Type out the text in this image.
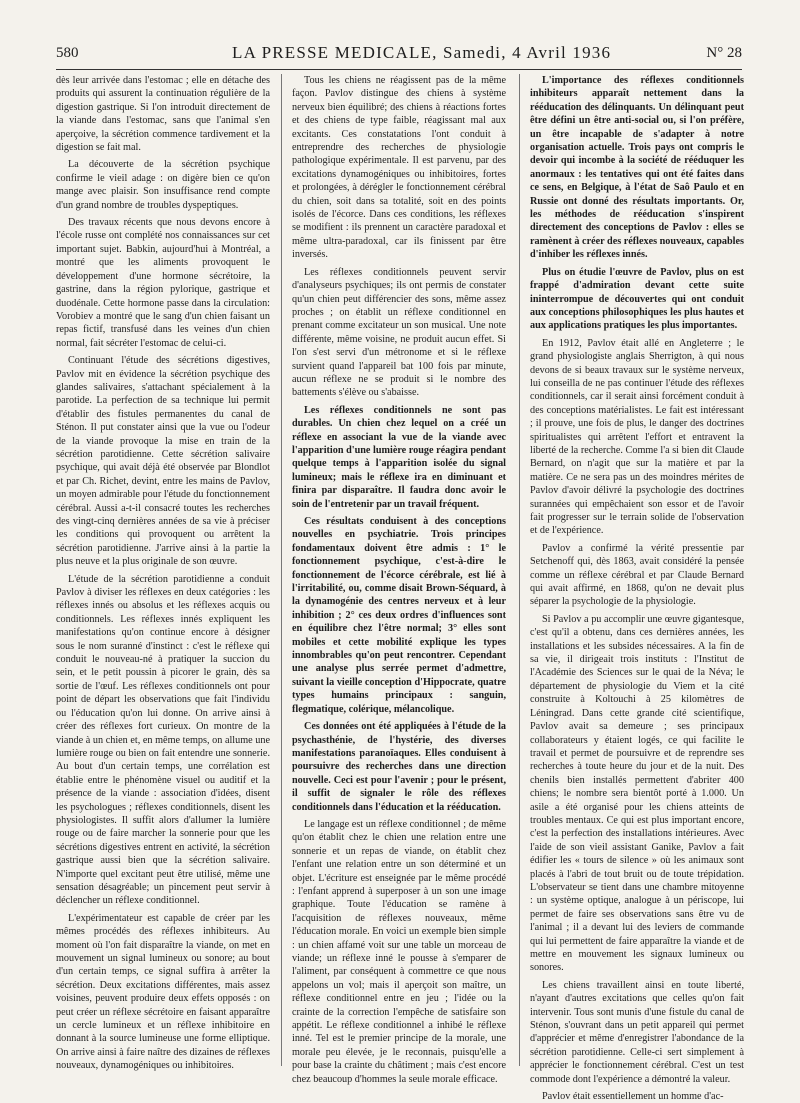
580	LA PRESSE MEDICALE, Samedi, 4 Avril 1936	N° 28

dès leur arrivée dans l'estomac ; elle en détache des produits qui assurent la continuation régulière de la digestion gastrique. Si l'on introduit directement de la viande dans l'estomac, sans que l'animal s'en aperçoive, la sécrétion commence tardivement et la digestion se fait mal.

La découverte de la sécrétion psychique confirme le vieil adage : on digère bien ce qu'on mange avec plaisir. Son insuffisance rend compte d'un grand nombre de troubles dyspeptiques.

Des travaux récents que nous devons encore à l'école russe ont complété nos connaissances sur cet important sujet. Babkin, aujourd'hui à Montréal, a montré que les aliments provoquent le développement d'une hormone sécrétoire, la gastrine, dans la région pylorique, gastrique et duodénale. Cette hormone passe dans la circulation: Vorobiev a montré que le sang d'un chien faisant un repas fictif, transfusé dans les veines d'un chien normal, fait sécréter l'estomac de celui-ci.

Continuant l'étude des sécrétions digestives, Pavlov mit en évidence la sécrétion psychique des glandes salivaires, s'attachant spécialement à la parotide. La perfection de sa technique lui permit d'établir des fistules permanentes du canal de Sténon. Il put constater ainsi que la vue ou l'odeur de la viande provoque la mise en train de la sécrétion parotidienne. Cette sécrétion salivaire psychique, qui avait déjà été observée par Blondlot et par Ch. Richet, devint, entre les mains de Pavlov, un moyen admirable pour l'étude du fonctionnement cérébral. Aussi a-t-il consacré toutes les recherches des vingt-cinq dernières années de sa vie à préciser les conditions qui provoquent ou arrêtent la sécrétion parotidienne. J'arrive ainsi à la partie la plus neuve et la plus originale de son œuvre.

L'étude de la sécrétion parotidienne a conduit Pavlov à diviser les réflexes en deux catégories : les réflexes innés ou absolus et les réflexes acquis ou conditionnels. Les réflexes innés expliquent les manifestations qu'on continue encore à désigner sous le nom suranné d'instinct : c'est le réflexe qui conduit le nouveau-né à pratiquer la succion du sein, et le petit poussin à picorer le grain, dès sa sortie de l'œuf. Les réflexes conditionnels ont pour point de départ les observations que fait l'individu ou l'éducation qu'on lui donne. On arrive ainsi à créer des réflexes fort curieux. On montre de la viande à un chien et, en même temps, on allume une lumière rouge ou bien on fait entendre une sonnerie. Au bout d'un certain temps, une corrélation est établie entre le phénomène visuel ou auditif et la présence de la viande : association d'idées, disent les psychologues ; réflexes conditionnels, disent les physiologistes. Il suffit alors d'allumer la lumière rouge ou de faire marcher la sonnerie pour que les sécrétions digestives entrent en activité, la sécrétion gastrique aussi bien que la sécrétion salivaire. N'importe quel excitant peut être utilisé, même une sensation désagréable; un pincement peut servir à déclencher un réflexe conditionnel.

L'expérimentateur est capable de créer par les mêmes procédés des réflexes inhibiteurs. Au moment où l'on fait disparaître la viande, on met en mouvement un signal lumineux ou sonore; au bout d'un certain temps, ce signal suffira à arrêter la sécrétion. Deux excitations différentes, mais assez voisines, peuvent produire deux effets opposés : on peut créer un réflexe sécrétoire en faisant apparaître un cercle lumineux et un réflexe inhibitoire en donnant à la source lumineuse une forme elliptique. On arrive ainsi à faire naître des dizaines de réflexes nouveaux, dynamogéniques ou inhibitoires.

Tous les chiens ne réagissent pas de la même façon. Pavlov distingue des chiens à système nerveux bien équilibré; des chiens à réactions fortes et des chiens de type faible, réagissant mal aux excitants. Ces constatations l'ont conduit à entreprendre des recherches de physiologie pathologique expérimentale. Il est parvenu, par des excitations dynamogéniques ou inhibitoires, fortes et prolongées, à dérégler le fonctionnement cérébral du chien, soit dans sa totalité, soit en des points isolés de l'écorce. Dans ces conditions, les réflexes se modifient : ils prennent un caractère paradoxal et même ultra-paradoxal, car ils finissent par être inversés.

Les réflexes conditionnels peuvent servir d'analyseurs psychiques; ils ont permis de constater qu'un chien peut différencier des sons, même assez proches ; on établit un réflexe conditionnel en prenant comme excitateur un son musical. Une note différente, même voisine, ne produit aucun effet. Si l'on s'est servi d'un métronome et si le réflexe survient quand l'appareil bat 100 fois par minute, aucun réflexe ne se produit si le nombre des battements s'élève ou s'abaisse.

Les réflexes conditionnels ne sont pas durables. Un chien chez lequel on a créé un réflexe en associant la vue de la viande avec l'apparition d'une lumière rouge réagira pendant quelque temps à l'apparition isolée du signal lumineux; mais le réflexe ira en diminuant et finira par disparaître. Il faudra donc avoir le soin de l'entretenir par un travail fréquent.

Ces résultats conduisent à des conceptions nouvelles en psychiatrie. Trois principes fondamentaux doivent être admis : 1° le fonctionnement psychique, c'est-à-dire le fonctionnement de l'écorce cérébrale, est lié à l'irritabilité, ou, comme disait Brown-Séquard, à la dynamogénie des centres nerveux et à leur inhibition ; 2° ces deux ordres d'influences sont en équilibre chez l'être normal; 3° elles sont mobiles et cette mobilité explique les types innombrables qu'on peut rencontrer. Cependant une analyse plus serrée permet d'admettre, suivant la vieille conception d'Hippocrate, quatre types humains principaux : sanguin, flegmatique, colérique, mélancolique.

Ces données ont été appliquées à l'étude de la psychasthénie, de l'hystérie, des diverses manifestations paranoïaques. Elles conduisent à poursuivre des recherches dans une direction nouvelle. Ceci est pour l'avenir ; pour le présent, il suffit de signaler le rôle des réflexes conditionnels dans l'éducation et la rééducation.

Le langage est un réflexe conditionnel ; de même qu'on établit chez le chien une relation entre une sonnerie et un repas de viande, on établit chez l'enfant une relation entre un son déterminé et un objet. L'écriture est enseignée par le même procédé : l'enfant apprend à superposer à un son une image graphique. Toute l'éducation se ramène à l'acquisition de réflexes nouveaux, même l'éducation morale. En voici un exemple bien simple : un chien affamé voit sur une table un morceau de viande; un réflexe inné le pousse à s'emparer de l'aliment, par conséquent à commettre ce que nous appelons un vol; mais il aperçoit son maître, un réflexe conditionnel entre en jeu ; l'idée ou la crainte de la correction l'empêche de satisfaire son appétit. Le réflexe conditionnel a inhibé le réflexe inné. Tel est le premier principe de la morale, une morale peu élevée, je le reconnais, puisqu'elle a pour base la crainte du châtiment ; mais c'est encore chez beaucoup d'hommes la seule morale efficace.

L'importance des réflexes conditionnels inhibiteurs apparaît nettement dans la rééducation des délinquants. Un délinquant peut être défini un être anti-social ou, si l'on préfère, un être incapable de s'adapter à notre organisation actuelle. Trois pays ont compris le devoir qui incombe à la société de rééduquer les anormaux : les tentatives qui ont été faites dans ce sens, en Belgique, à l'état de Saô Paulo et en Russie ont donné des résultats importants. Or, les méthodes de rééducation s'inspirent directement des conceptions de Pavlov : elles se ramènent à créer des réflexes nouveaux, capables d'inhiber les réflexes innés.

Plus on étudie l'œuvre de Pavlov, plus on est frappé d'admiration devant cette suite ininterrompue de découvertes qui ont conduit aux conceptions philosophiques les plus hautes et aux applications pratiques les plus importantes.

En 1912, Pavlov était allé en Angleterre ; le grand physiologiste anglais Sherrigton, à qui nous devons de si beaux travaux sur le système nerveux, lui conseilla de ne pas continuer l'étude des réflexes conditionnels, car il serait ainsi forcément conduit à des conceptions matérialistes. Le fait est intéressant ; il prouve, une fois de plus, le danger des doctrines spiritualistes qui arrêtent l'effort et entravent la liberté de la recherche. Comme l'a si bien dit Claude Bernard, on n'agit que sur la matière et par la matière. Ce ne sera pas un des moindres mérites de Pavlov d'avoir délivré la psychologie des doctrines surannées qui empêchaient son essor et de l'avoir fait progresser sur le terrain solide de l'observation et de l'expérience.

Pavlov a confirmé la vérité pressentie par Setchenoff qui, dès 1863, avait considéré la pensée comme un réflexe cérébral et par Claude Bernard qui avait affirmé, en 1868, qu'on ne devait plus séparer la psychologie de la physiologie.

Si Pavlov a pu accomplir une œuvre gigantesque, c'est qu'il a obtenu, dans ces dernières années, les installations et les subsides nécessaires. A la fin de sa vie, il dirigeait trois instituts : l'Institut de l'Académie des Sciences sur le quai de la Néva; le département de physiologie du Viem et la cité construite à Koltouchi à 25 kilomètres de Léningrad. Dans cette grande cité scientifique, Pavlov avait sa demeure ; ses principaux collaborateurs y étaient logés, ce qui facilite le travail et permet de poursuivre et de reprendre ses recherches à toute heure du jour et de la nuit. Des chenils bien installés permettent d'abriter 400 chiens; le nombre sera bientôt porté à 1.000. Un asile a été organisé pour les chiens atteints de troubles mentaux. Ce qui est plus important encore, c'est la perfection des installations intérieures. Avec l'aide de son vieil assistant Ganike, Pavlov a fait édifier les « tours de silence » où les animaux sont placés à l'abri de tout bruit ou de toute trépidation. L'observateur se tient dans une chambre mitoyenne : un système optique, analogue à un périscope, lui permet de faire ses observations sans être vu de l'animal ; il a devant lui des leviers de commande qui lui permettent de faire apparaître la viande et de mettre en mouvement les signaux lumineux ou sonores.

Les chiens travaillent ainsi en toute liberté, n'ayant d'autres excitations que celles qu'on fait intervenir. Tous sont munis d'une fistule du canal de Sténon, s'ouvrant dans un petit appareil qui permet d'apprécier et même d'enregistrer l'abondance de la sécrétion parotidienne. Celle-ci sert simplement à apprécier le fonctionnement cérébral. C'est un test commode dont l'expérience a démontré la valeur.

Pavlov était essentiellement un homme d'ac-
